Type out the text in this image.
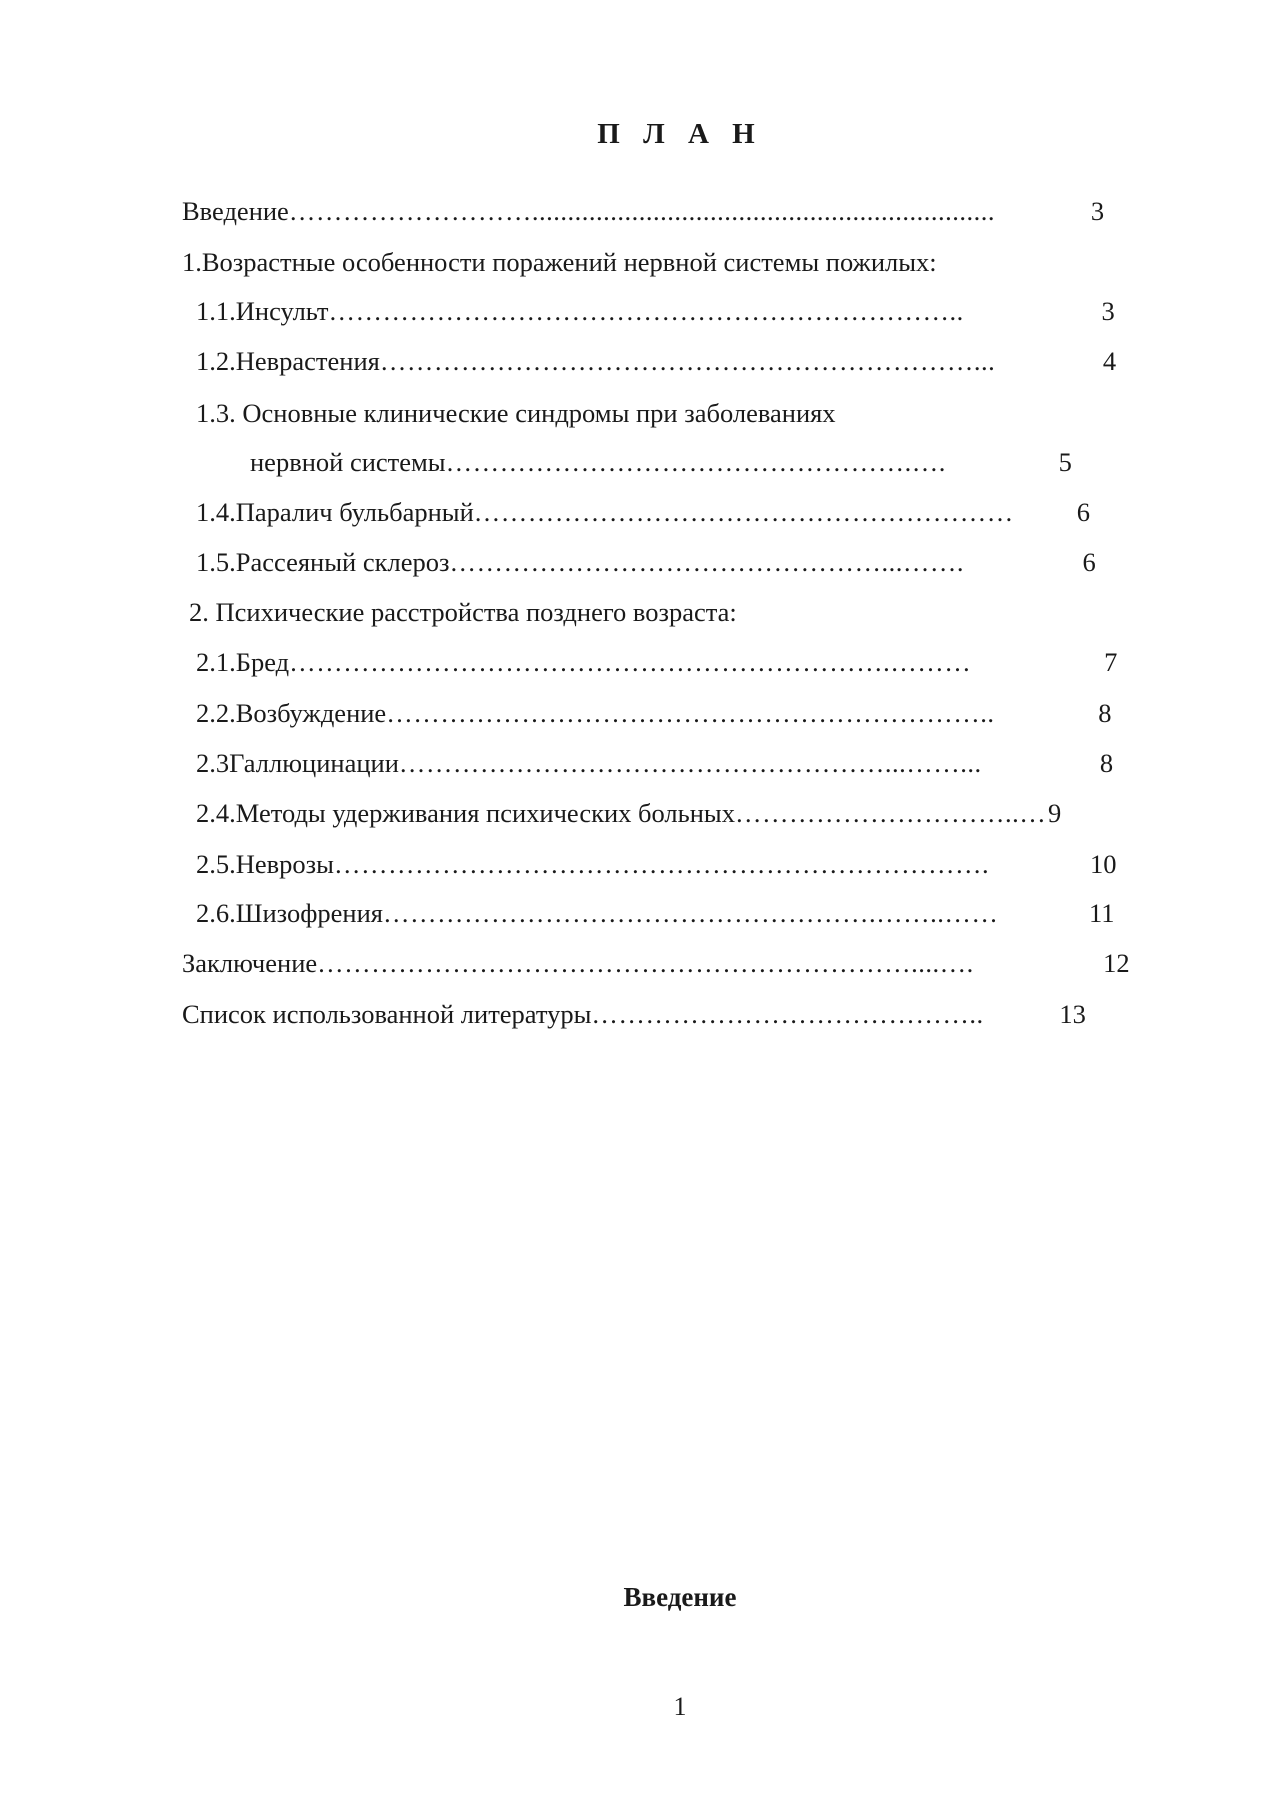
П Л А Н
Введение……………………….................................................................	3
1.Возрастные особенности поражений нервной системы пожилых:
1.1.Инсульт……………………………………………………………..	3
1.2.Неврастения…………………………………………………………...	4
1.3. Основные клинические синдромы при заболеваниях
нервной системы…………………………………………….….	5
1.4.Паралич бульбарный…………………………………………………… 6
1.5.Рассеяный склероз…………………………………………...…….	6
2. Психические расстройства позднего возраста:
2.1.Бред………………………………………………………….………	7
2.2.Возбуждение…………………………………………………………..	8
2.3Галлюцинации………………………………………………...……...	8
2.4.Методы удерживания психических больных…………………………..…9
2.5.Неврозы……………………………………………………………….	10
2.6.Шизофрения……………………………………………….……..……	11
Заключение…………………………………………………………....….	12
Список использованной литературы……………………………………..	13
Введение
1
